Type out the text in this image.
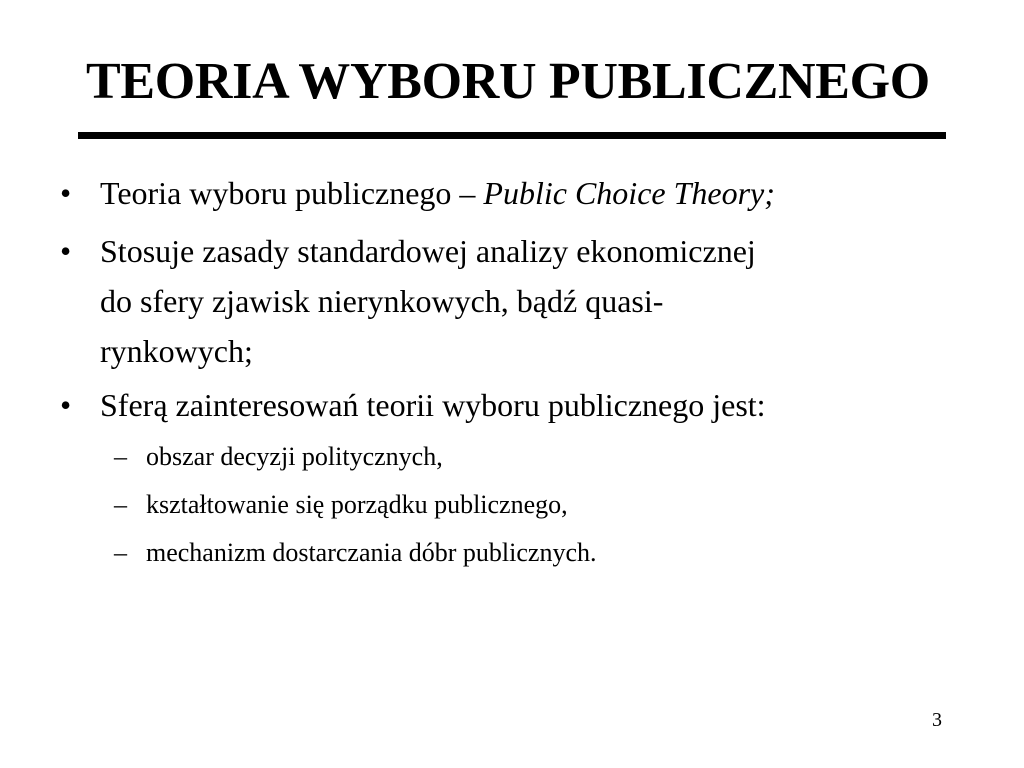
TEORIA WYBORU PUBLICZNEGO
• Teoria wyboru publicznego – Public Choice Theory;
• Stosuje zasady standardowej analizy ekonomicznej
do sfery zjawisk nierynkowych, bądź quasi-
rynkowych;
• Sferą zainteresowań teorii wyboru publicznego jest:
– obszar decyzji politycznych,
– kształtowanie się porządku publicznego,
– mechanizm dostarczania dóbr publicznych.
3
